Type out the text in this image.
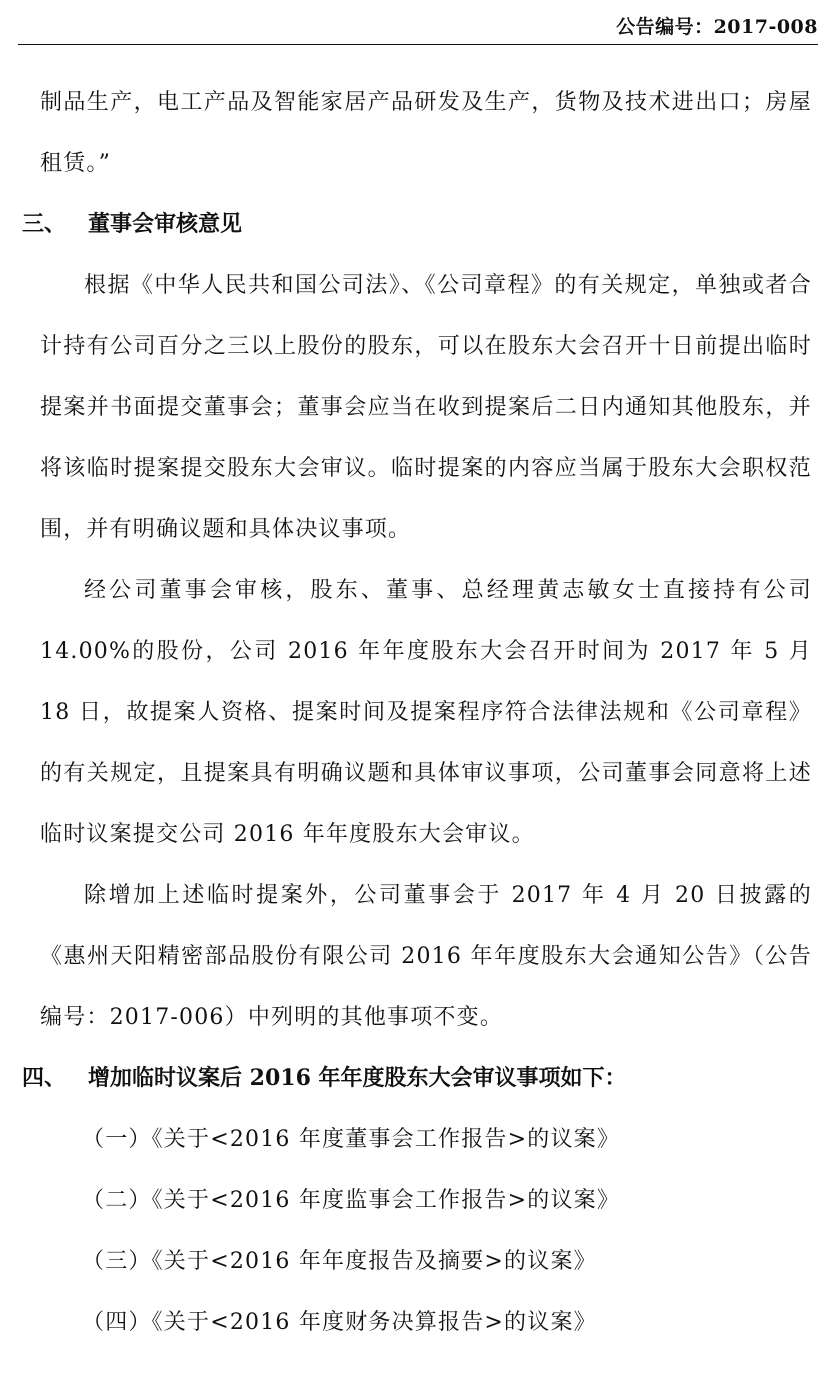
公告编号：2017-008

制品生产，电工产品及智能家居产品研发及生产，货物及技术进出口；房屋租赁。”

三、 董事会审核意见

根据《中华人民共和国公司法》、《公司章程》的有关规定，单独或者合计持有公司百分之三以上股份的股东，可以在股东大会召开十日前提出临时提案并书面提交董事会；董事会应当在收到提案后二日内通知其他股东，并将该临时提案提交股东大会审议。临时提案的内容应当属于股东大会职权范围，并有明确议题和具体决议事项。

经公司董事会审核，股东、董事、总经理黄志敏女士直接持有公司 14.00%的股份，公司 2016 年年度股东大会召开时间为 2017 年 5 月 18 日，故提案人资格、提案时间及提案程序符合法律法规和《公司章程》的有关规定，且提案具有明确议题和具体审议事项，公司董事会同意将上述临时议案提交公司 2016 年年度股东大会审议。

除增加上述临时提案外，公司董事会于 2017 年 4 月 20 日披露的《惠州天阳精密部品股份有限公司 2016 年年度股东大会通知公告》（公告编号：2017-006）中列明的其他事项不变。

四、 增加临时议案后 2016 年年度股东大会审议事项如下：
（一）《关于<2016 年度董事会工作报告>的议案》
（二）《关于<2016 年度监事会工作报告>的议案》
（三）《关于<2016 年年度报告及摘要>的议案》
（四）《关于<2016 年度财务决算报告>的议案》
